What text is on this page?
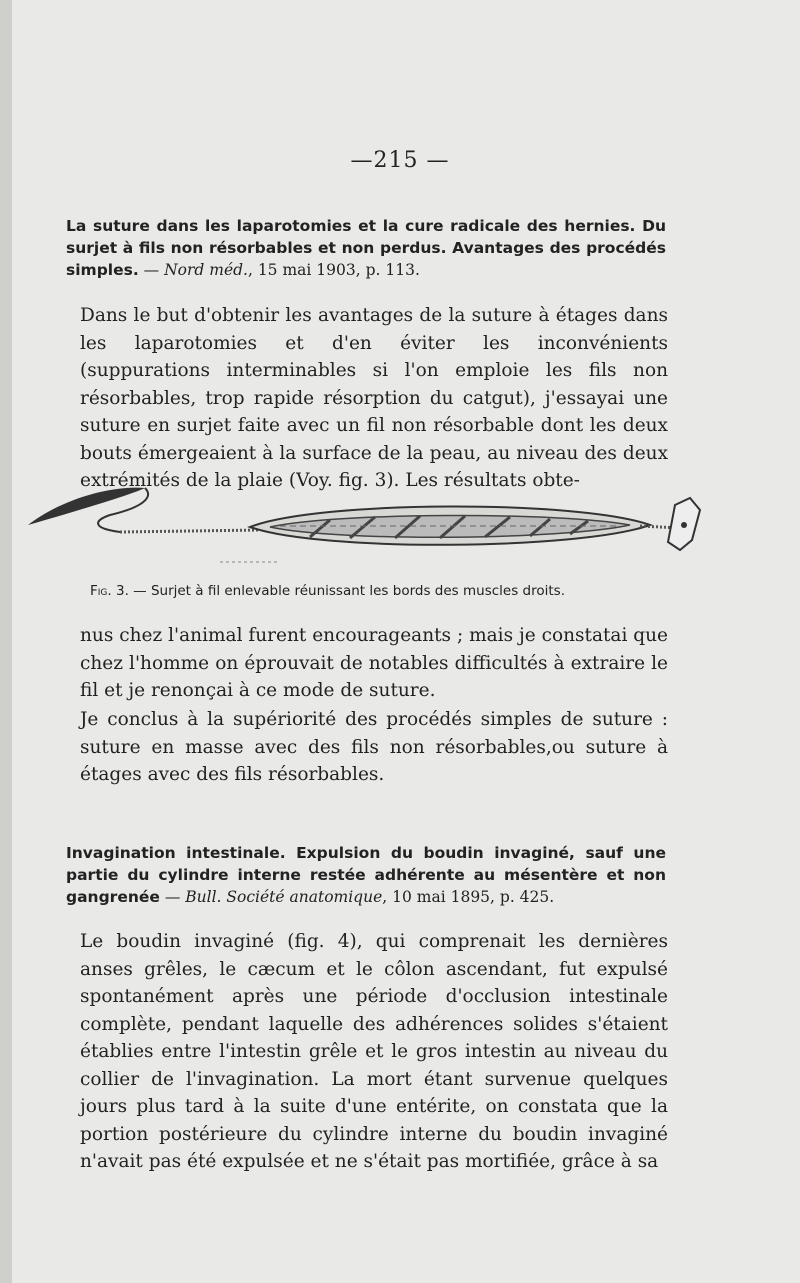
—215 —
La suture dans les laparotomies et la cure radicale des hernies. Du surjet à fils non résorbables et non perdus. Avantages des procédés simples. — Nord méd., 15 mai 1903, p. 113.

Dans le but d'obtenir les avantages de la suture à étages dans les laparotomies et d'en éviter les inconvénients (suppurations interminables si l'on emploie les fils non résorbables, trop rapide résorption du catgut), j'essayai une suture en surjet faite avec un fil non résorbable dont les deux bouts émergeaient à la surface de la peau, au niveau des deux extrémités de la plaie (Voy. fig. 3). Les résultats obte-

Fig. 3. — Surjet à fil enlevable réunissant les bords des muscles droits.

nus chez l'animal furent encourageants ; mais je constatai que chez l'homme on éprouvait de notables difficultés à extraire le fil et je renonçai à ce mode de suture.

Je conclus à la supériorité des procédés simples de suture : suture en masse avec des fils non résorbables,ou suture à étages avec des fils résorbables.

Invagination intestinale. Expulsion du boudin invaginé, sauf une partie du cylindre interne restée adhérente au mésentère et non gangrenée — Bull. Société anatomique, 10 mai 1895, p. 425.

Le boudin invaginé (fig. 4), qui comprenait les dernières anses grêles, le cæcum et le côlon ascendant, fut expulsé spontanément après une période d'occlusion intestinale complète, pendant laquelle des adhérences solides s'étaient établies entre l'intestin grêle et le gros intestin au niveau du collier de l'invagination. La mort étant survenue quelques jours plus tard à la suite d'une entérite, on constata que la portion postérieure du cylindre interne du boudin invaginé n'avait pas été expulsée et ne s'était pas mortifiée, grâce à sa
